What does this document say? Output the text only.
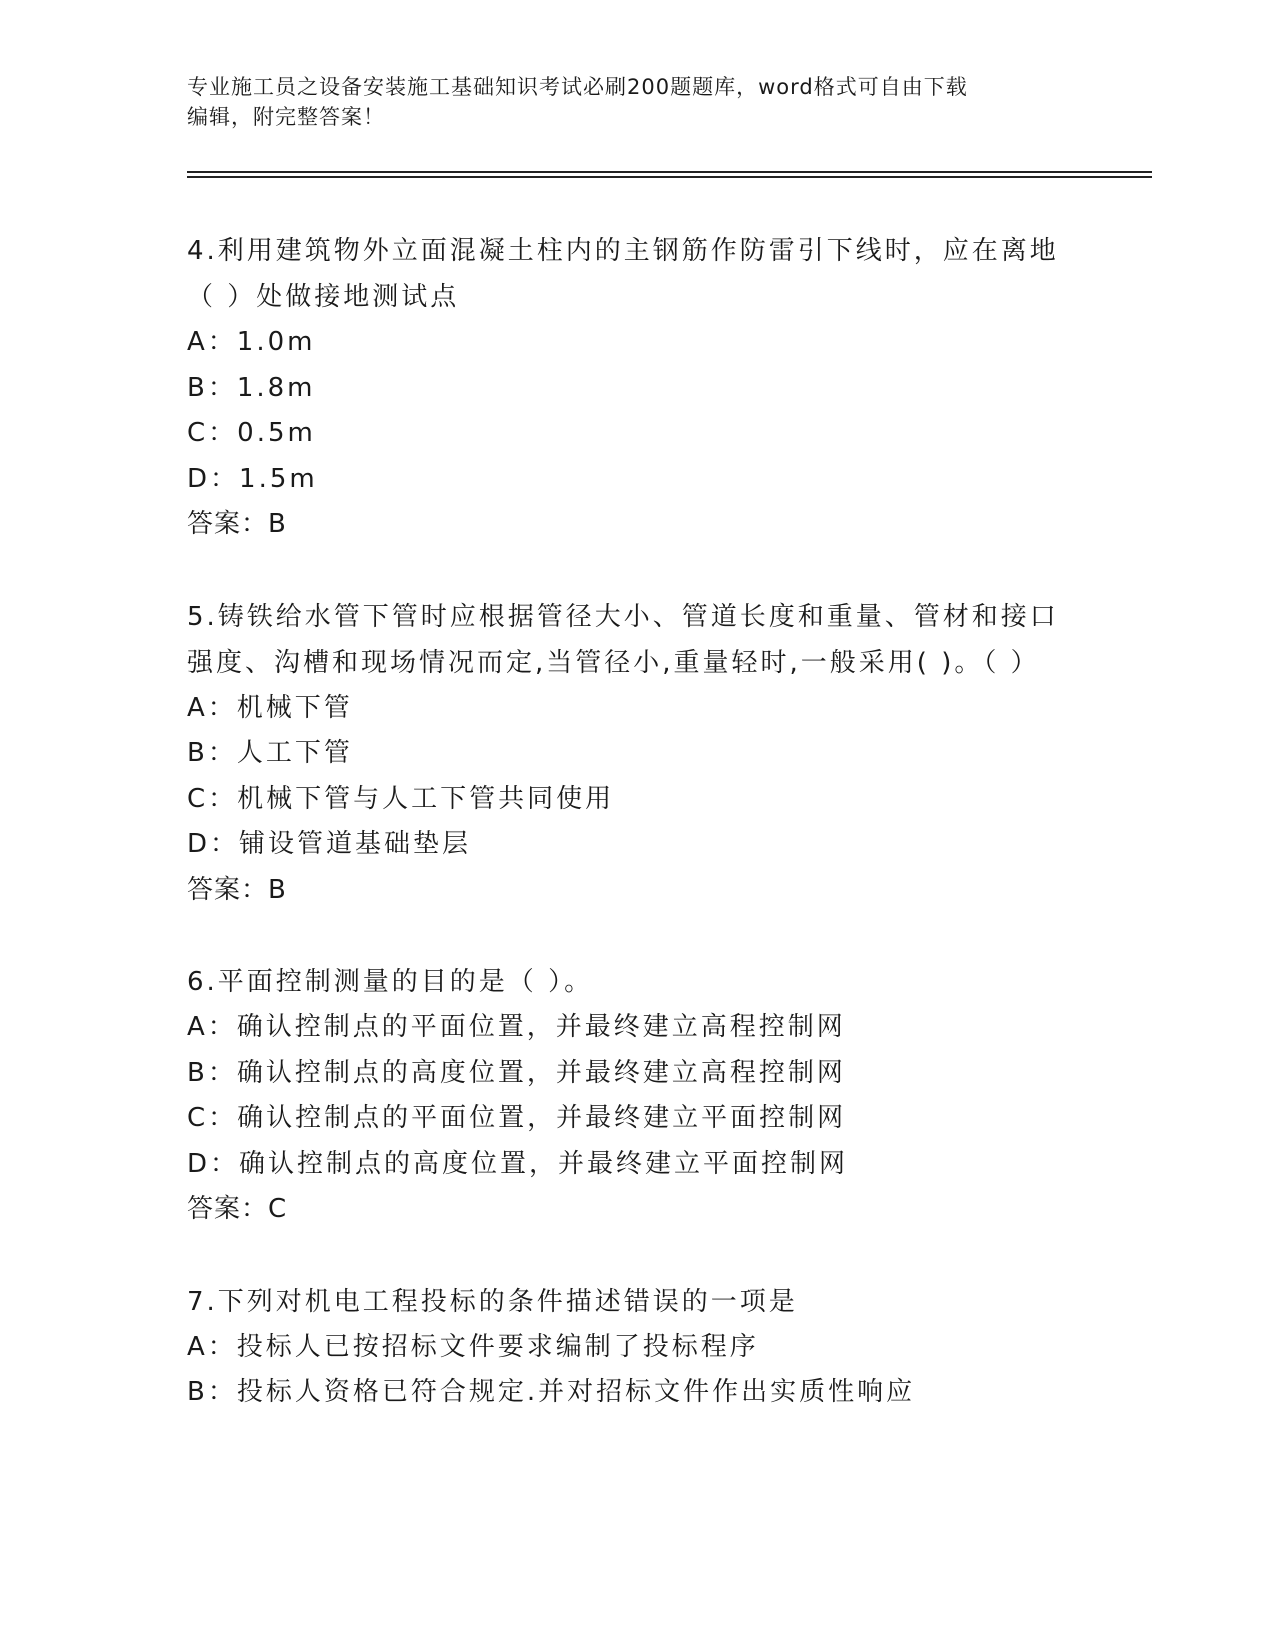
专业施工员之设备安装施工基础知识考试必刷200题题库，word格式可自由下载
编辑，附完整答案！
4.利用建筑物外立面混凝土柱内的主钢筋作防雷引下线时，应在离地（ ）处做接地测试点
A：1.0m
B：1.8m
C：0.5m
D：1.5m
答案：B
5.铸铁给水管下管时应根据管径大小、管道长度和重量、管材和接口强度、沟槽和现场情况而定,当管径小,重量轻时,一般采用( )。（ ）
A：机械下管
B：人工下管
C：机械下管与人工下管共同使用
D：铺设管道基础垫层
答案：B
6.平面控制测量的目的是（ ）。
A：确认控制点的平面位置，并最终建立高程控制网
B：确认控制点的高度位置，并最终建立高程控制网
C：确认控制点的平面位置，并最终建立平面控制网
D：确认控制点的高度位置，并最终建立平面控制网
答案：C
7.下列对机电工程投标的条件描述错误的一项是
A：投标人已按招标文件要求编制了投标程序
B：投标人资格已符合规定.并对招标文件作出实质性响应
